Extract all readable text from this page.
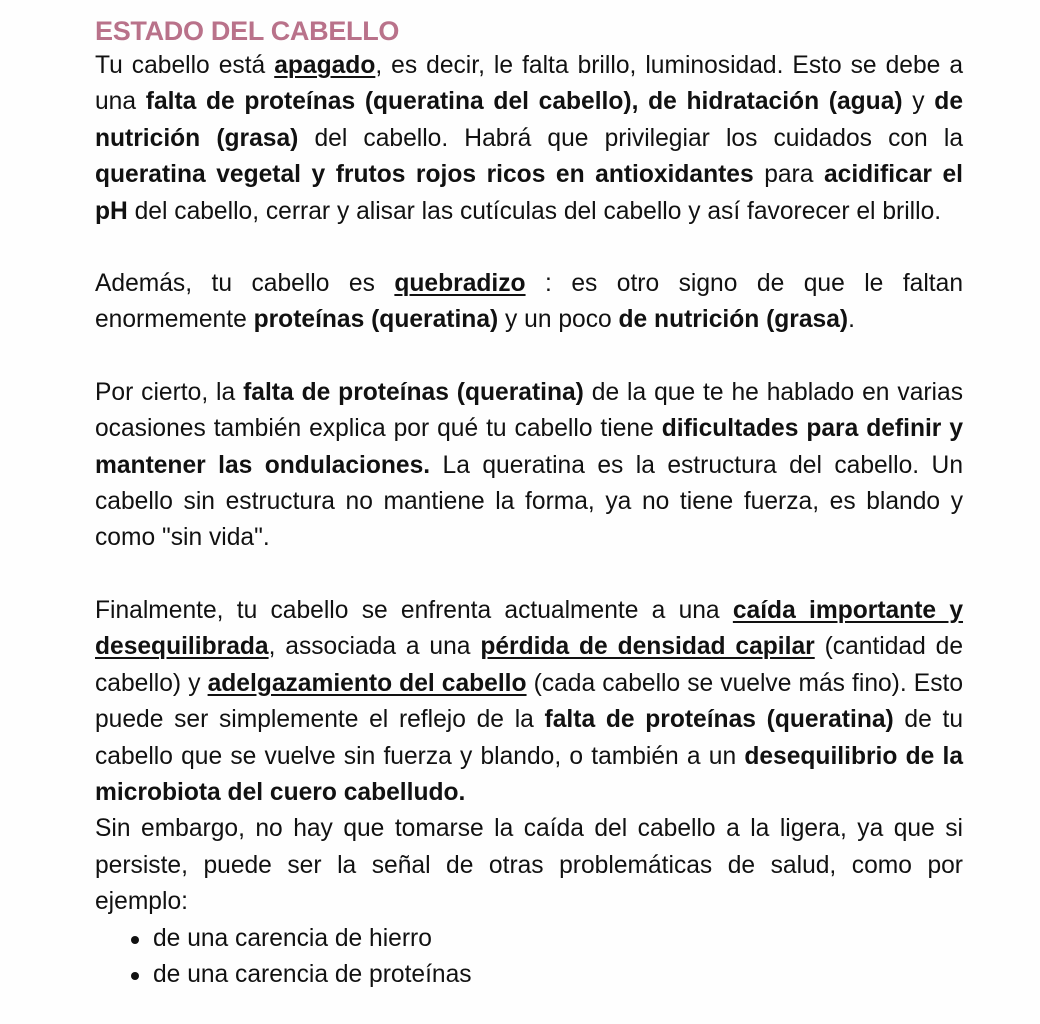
ESTADO DEL CABELLO

Tu cabello está apagado, es decir, le falta brillo, luminosidad. Esto se debe a una falta de proteínas (queratina del cabello), de hidratación (agua) y de nutrición (grasa) del cabello. Habrá que privilegiar los cuidados con la queratina vegetal y frutos rojos ricos en antioxidantes para acidificar el pH del cabello, cerrar y alisar las cutículas del cabello y así favorecer el brillo.

Además, tu cabello es quebradizo : es otro signo de que le faltan enormemente proteínas (queratina) y un poco de nutrición (grasa).

Por cierto, la falta de proteínas (queratina) de la que te he hablado en varias ocasiones también explica por qué tu cabello tiene dificultades para definir y mantener las ondulaciones. La queratina es la estructura del cabello. Un cabello sin estructura no mantiene la forma, ya no tiene fuerza, es blando y como "sin vida".

Finalmente, tu cabello se enfrenta actualmente a una caída importante y desequilibrada, associada a una pérdida de densidad capilar (cantidad de cabello) y adelgazamiento del cabello (cada cabello se vuelve más fino). Esto puede ser simplemente el reflejo de la falta de proteínas (queratina) de tu cabello que se vuelve sin fuerza y blando, o también a un desequilibrio de la microbiota del cuero cabelludo.

Sin embargo, no hay que tomarse la caída del cabello a la ligera, ya que si persiste, puede ser la señal de otras problemáticas de salud, como por ejemplo:

de una carencia de hierro
de una carencia de proteínas
